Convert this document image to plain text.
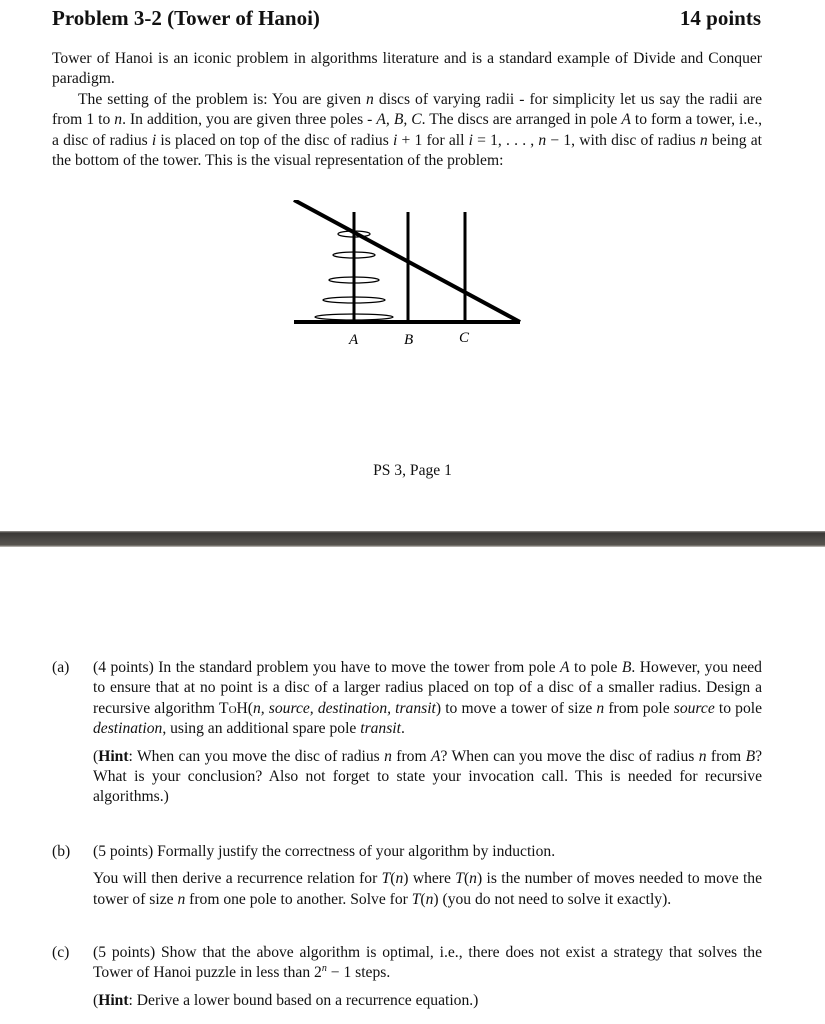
Problem 3-2 (Tower of Hanoi)	14 points

Tower of Hanoi is an iconic problem in algorithms literature and is a standard example of Divide and Conquer paradigm.

The setting of the problem is: You are given n discs of varying radii - for simplicity let us say the radii are from 1 to n. In addition, you are given three poles - A, B, C. The discs are arranged in pole A to form a tower, i.e., a disc of radius i is placed on top of the disc of radius i + 1 for all i = 1, . . . , n − 1, with disc of radius n being at the bottom of the tower. This is the visual representation of the problem:

A	B	C
PS 3, Page 1
(a) (4 points) In the standard problem you have to move the tower from pole A to pole B. However, you need to ensure that at no point is a disc of a larger radius placed on top of a disc of a smaller radius. Design a recursive algorithm ToH(n, source, destination, transit) to move a tower of size n from pole source to pole destination, using an additional spare pole transit.

(Hint: When can you move the disc of radius n from A? When can you move the disc of radius n from B? What is your conclusion? Also not forget to state your invocation call. This is needed for recursive algorithms.)

(b) (5 points) Formally justify the correctness of your algorithm by induction.

You will then derive a recurrence relation for T(n) where T(n) is the number of moves needed to move the tower of size n from one pole to another. Solve for T(n) (you do not need to solve it exactly).

(c) (5 points) Show that the above algorithm is optimal, i.e., there does not exist a strategy that solves the Tower of Hanoi puzzle in less than $2^n - 1$ steps.

(Hint: Derive a lower bound based on a recurrence equation.)
